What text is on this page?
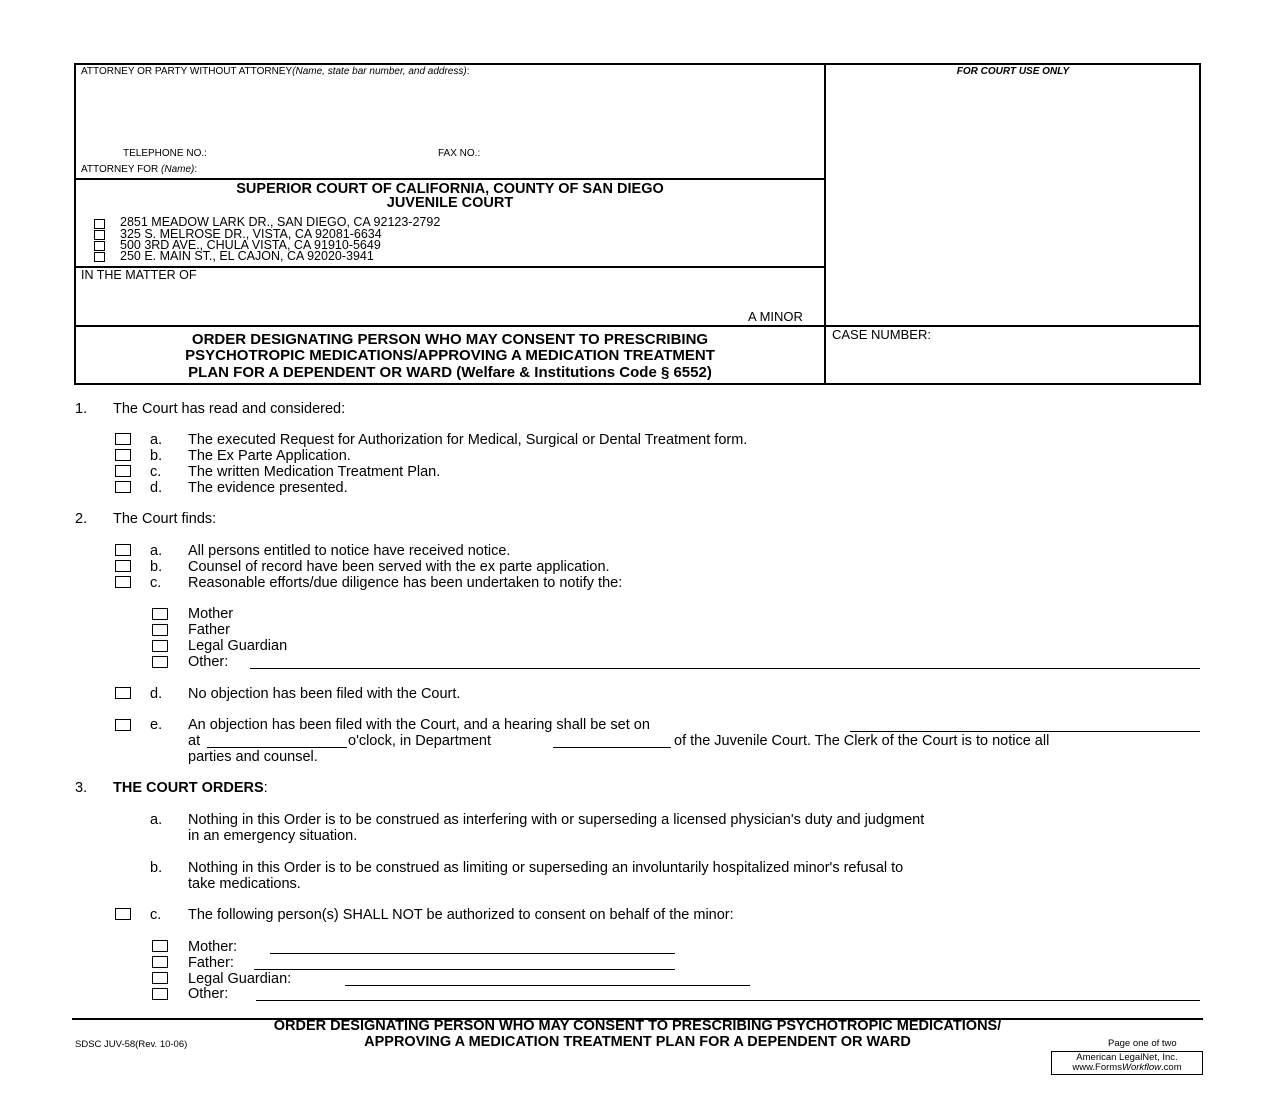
ATTORNEY OR PARTY WITHOUT ATTORNEY(Name, state bar number, and address):	FOR COURT USE ONLY
TELEPHONE NO.:	FAX NO.:
ATTORNEY FOR (Name):
SUPERIOR COURT OF CALIFORNIA, COUNTY OF SAN DIEGO
JUVENILE COURT
2851 MEADOW LARK DR., SAN DIEGO, CA 92123-2792
325 S. MELROSE DR., VISTA, CA 92081-6634
500 3RD AVE., CHULA VISTA, CA 91910-5649
250 E. MAIN ST., EL CAJON, CA 92020-3941
IN THE MATTER OF
A MINOR
ORDER DESIGNATING PERSON WHO MAY CONSENT TO PRESCRIBING
PSYCHOTROPIC MEDICATIONS/APPROVING A MEDICATION TREATMENT
PLAN FOR A DEPENDENT OR WARD (Welfare & Institutions Code § 6552)
CASE NUMBER:
1. The Court has read and considered:
a. The executed Request for Authorization for Medical, Surgical or Dental Treatment form.
b. The Ex Parte Application.
c. The written Medication Treatment Plan.
d. The evidence presented.
2. The Court finds:
a. All persons entitled to notice have received notice.
b. Counsel of record have been served with the ex parte application.
c. Reasonable efforts/due diligence has been undertaken to notify the:
Mother
Father
Legal Guardian
Other:
d. No objection has been filed with the Court.
e. An objection has been filed with the Court, and a hearing shall be set on
at	o'clock, in Department	of the Juvenile Court. The Clerk of the Court is to notice all
parties and counsel.
3. THE COURT ORDERS:
a. Nothing in this Order is to be construed as interfering with or superseding a licensed physician's duty and judgment
in an emergency situation.
b. Nothing in this Order is to be construed as limiting or superseding an involuntarily hospitalized minor's refusal to
take medications.
c. The following person(s) SHALL NOT be authorized to consent on behalf of the minor:
Mother:
Father:
Legal Guardian:
Other:
ORDER DESIGNATING PERSON WHO MAY CONSENT TO PRESCRIBING PSYCHOTROPIC MEDICATIONS/
APPROVING A MEDICATION TREATMENT PLAN FOR A DEPENDENT OR WARD
SDSC JUV-58(Rev. 10-06)	Page one of two
American LegalNet, Inc.
www.FormsWorkflow.com
